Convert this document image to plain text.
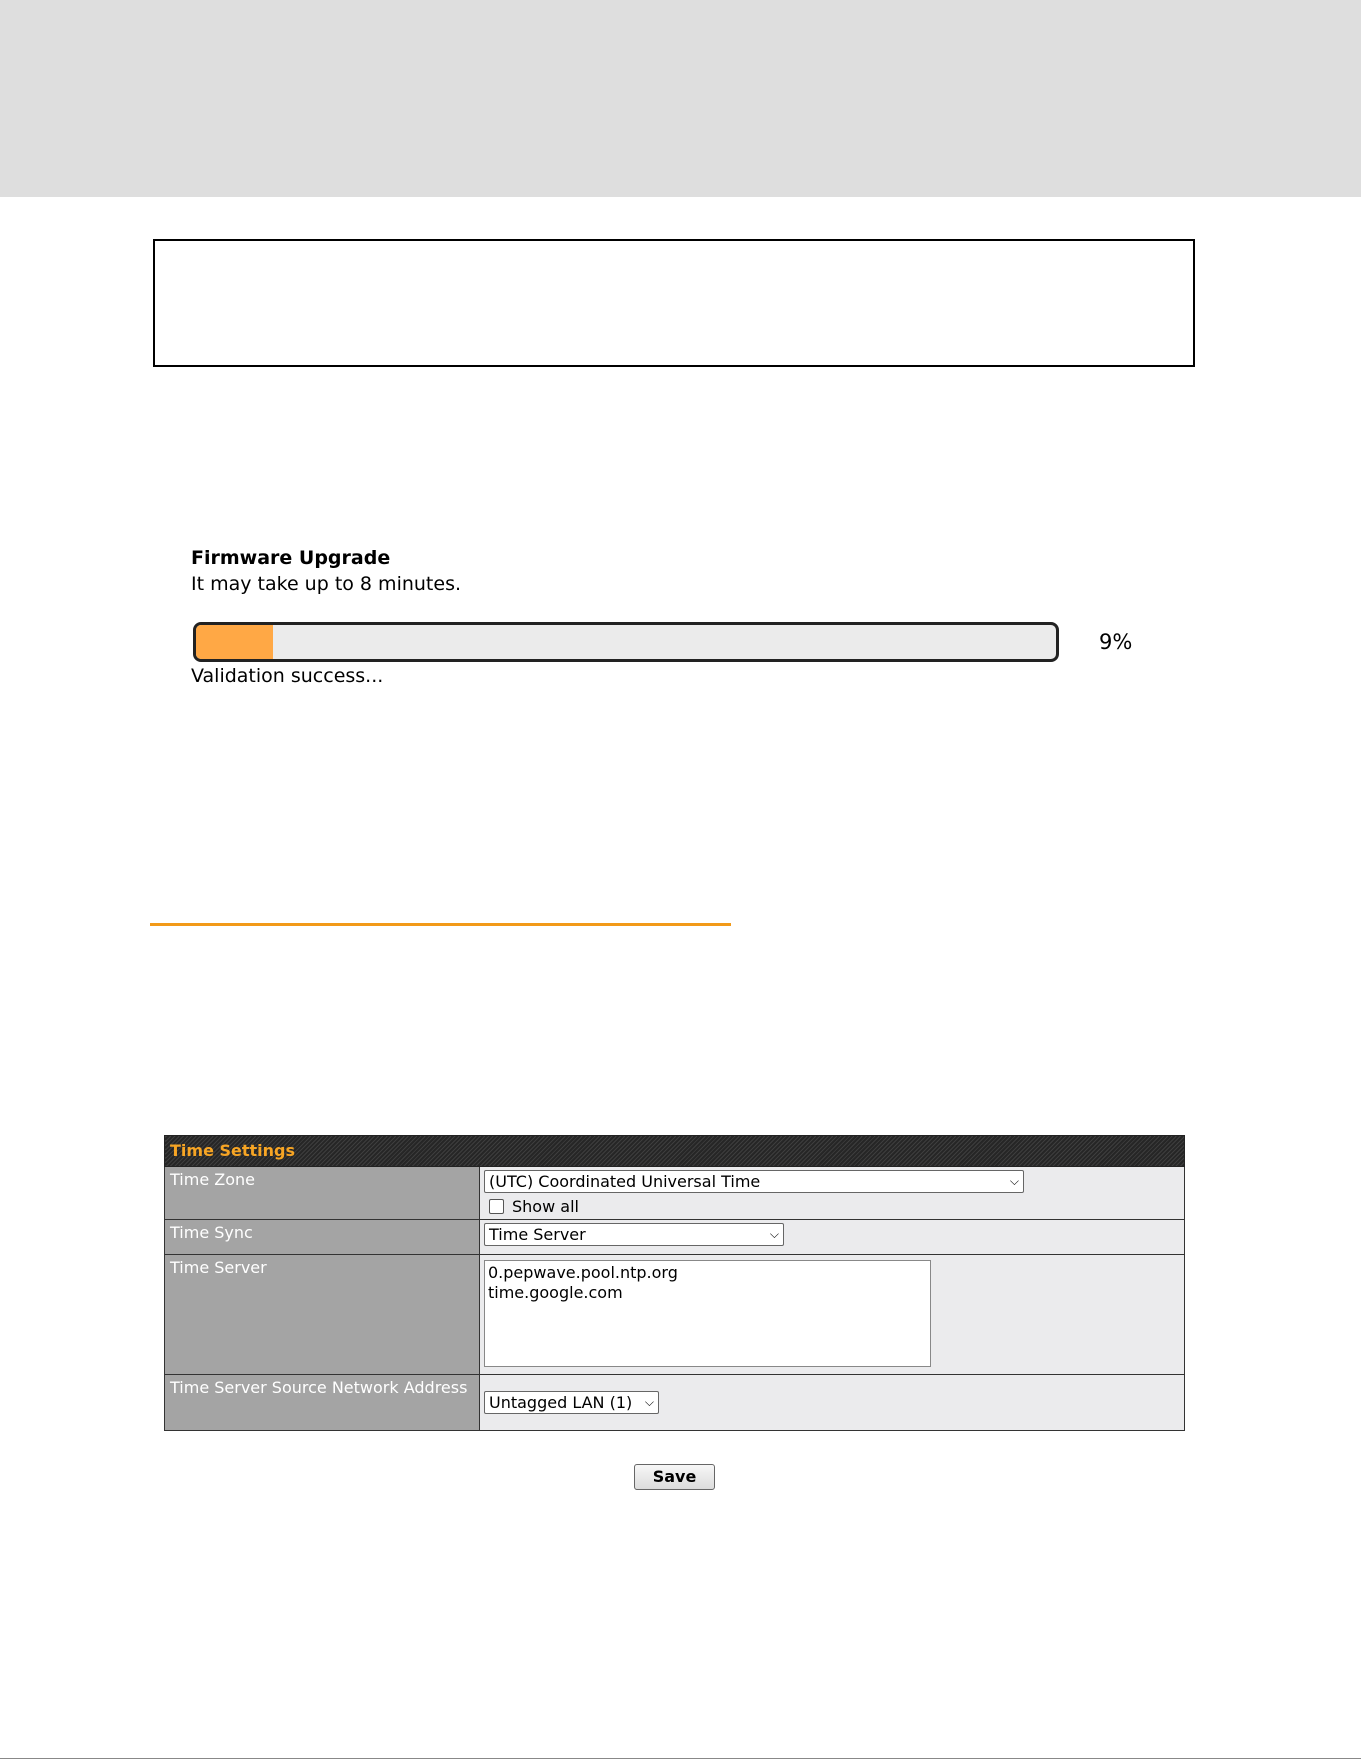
Firmware Upgrade
It may take up to 8 minutes.
9%
Validation success...
Time Settings	
Time Zone	(UTC) Coordinated Universal Time ⌵
Show all

Time Sync	Time Server ⌵

Time Server	0.pepwave.pool.ntp.org
time.google.com

Time Server Source Network Address	Untagged LAN (1) ⌵
Save
